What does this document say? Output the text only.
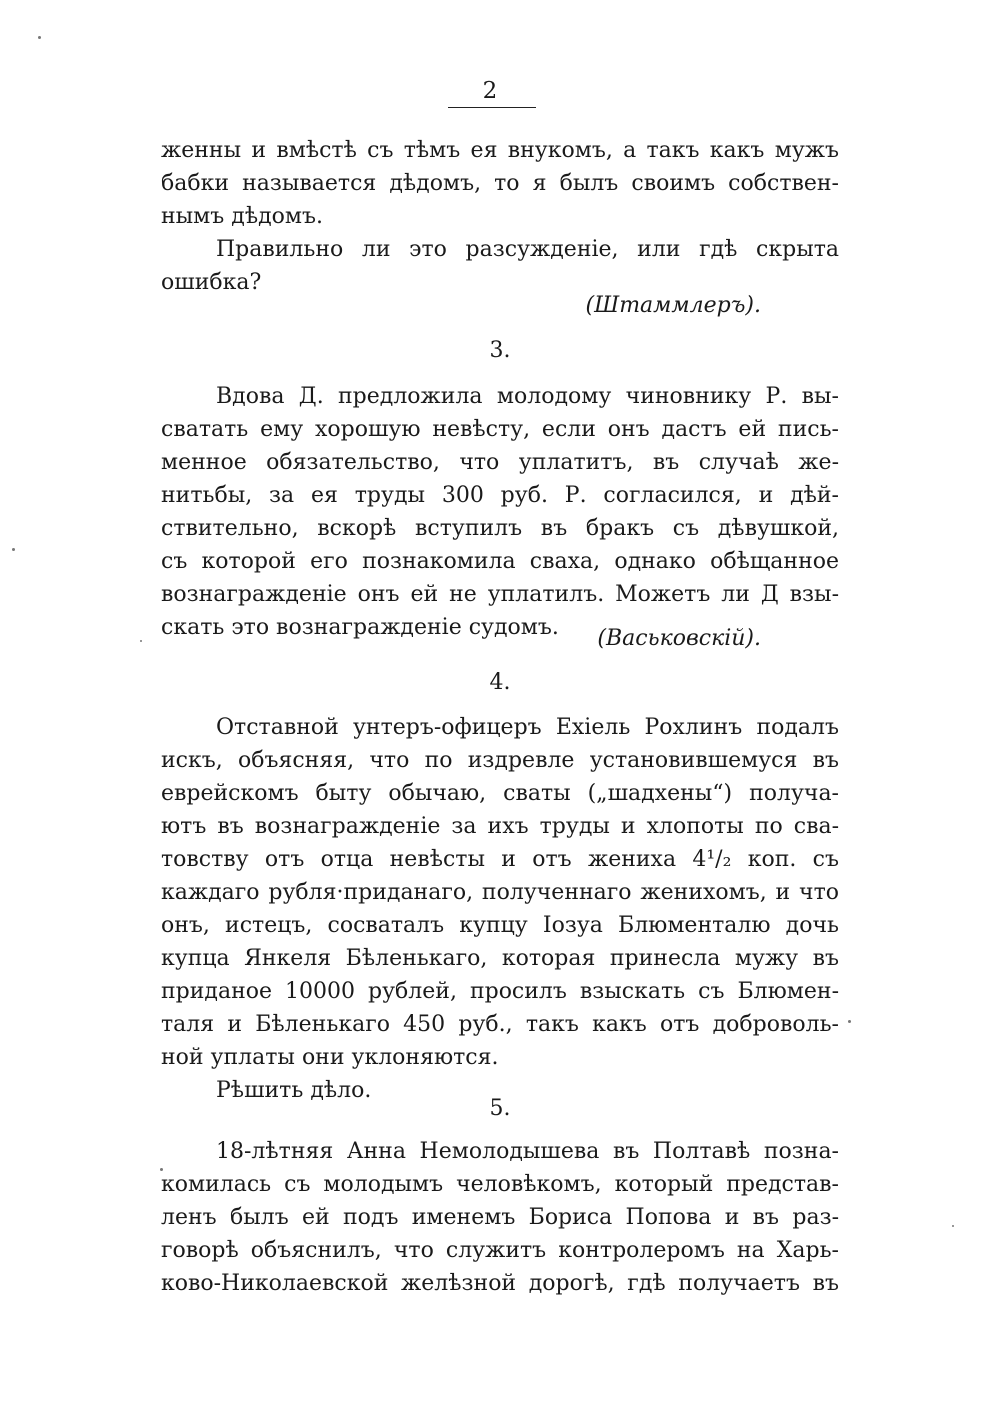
2
женны и вмѣстѣ съ тѣмъ ея внукомъ, а такъ какъ мужъ
бабки называется дѣдомъ, то я былъ своимъ собствен-
нымъ дѣдомъ.
Правильно ли это разсужденіе, или гдѣ скрыта
ошибка?
(Штаммлеръ).
3.
Вдова Д. предложила молодому чиновнику Р. вы-
сватать ему хорошую невѣсту, если онъ дастъ ей пись-
менное обязательство, что уплатитъ, въ случаѣ же-
нитьбы, за ея труды 300 руб. Р. согласился, и дѣй-
ствительно, вскорѣ вступилъ въ бракъ съ дѣвушкой,
съ которой его познакомила сваха, однако обѣщанное
вознагражденіе онъ ей не уплатилъ. Можетъ ли Д взы-
скать это вознагражденіе судомъ.	(Васьковскій).
4.
Отставной унтеръ-офицеръ Ехіель Рохлинъ подалъ
искъ, объясняя, что по издревле установившемуся въ
еврейскомъ быту обычаю, сваты („шадхены“) получа-
ютъ въ вознагражденіе за ихъ труды и хлопоты по сва-
товству отъ отца невѣсты и отъ жениха 4¹/₂ коп. съ
каждаго рубля·приданаго, полученнаго женихомъ, и что
онъ, истецъ, сосваталъ купцу Іозуа Блюменталю дочь
купца Янкеля Бѣленькаго, которая принесла мужу въ
приданое 10000 рублей, просилъ взыскать съ Блюмен-
таля и Бѣленькаго 450 руб., такъ какъ отъ доброволь-
ной уплаты они уклоняются.
Рѣшить дѣло.
5.
18-лѣтняя Анна Немолодышева въ Полтавѣ позна-
комилась съ молодымъ человѣкомъ, который представ-
ленъ былъ ей подъ именемъ Бориса Попова и въ раз-
говорѣ объяснилъ, что служитъ контролеромъ на Харь-
ково-Николаевской желѣзной дорогѣ, гдѣ получаетъ въ
